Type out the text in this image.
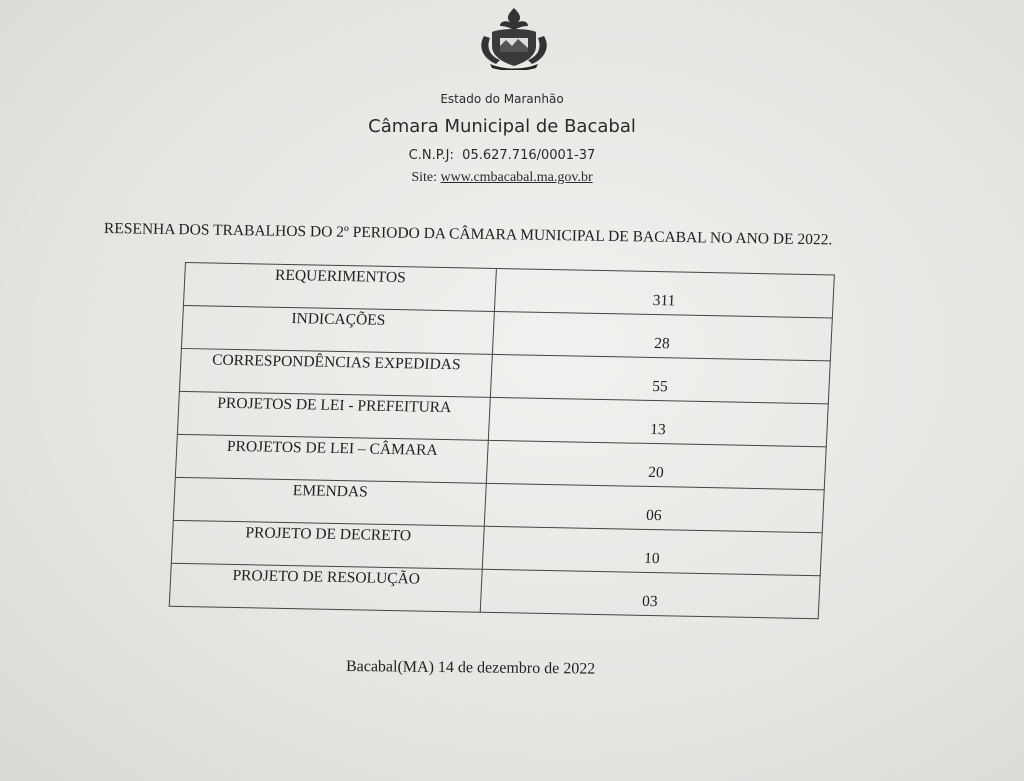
Estado do Maranhão
Câmara Municipal de Bacabal
C.N.P.J: 05.627.716/0001-37
Site: www.cmbacabal.ma.gov.br
RESENHA DOS TRABALHOS DO 2º PERIODO DA CÂMARA MUNICIPAL DE BACABAL NO ANO DE 2022.
REQUERIMENTOS	311
INDICAÇÕES	28
CORRESPONDÊNCIAS EXPEDIDAS	55
PROJETOS DE LEI - PREFEITURA	13
PROJETOS DE LEI – CÂMARA	20
EMENDAS	06
PROJETO DE DECRETO	10
PROJETO DE RESOLUÇÃO	03
Bacabal(MA) 14 de dezembro de 2022
